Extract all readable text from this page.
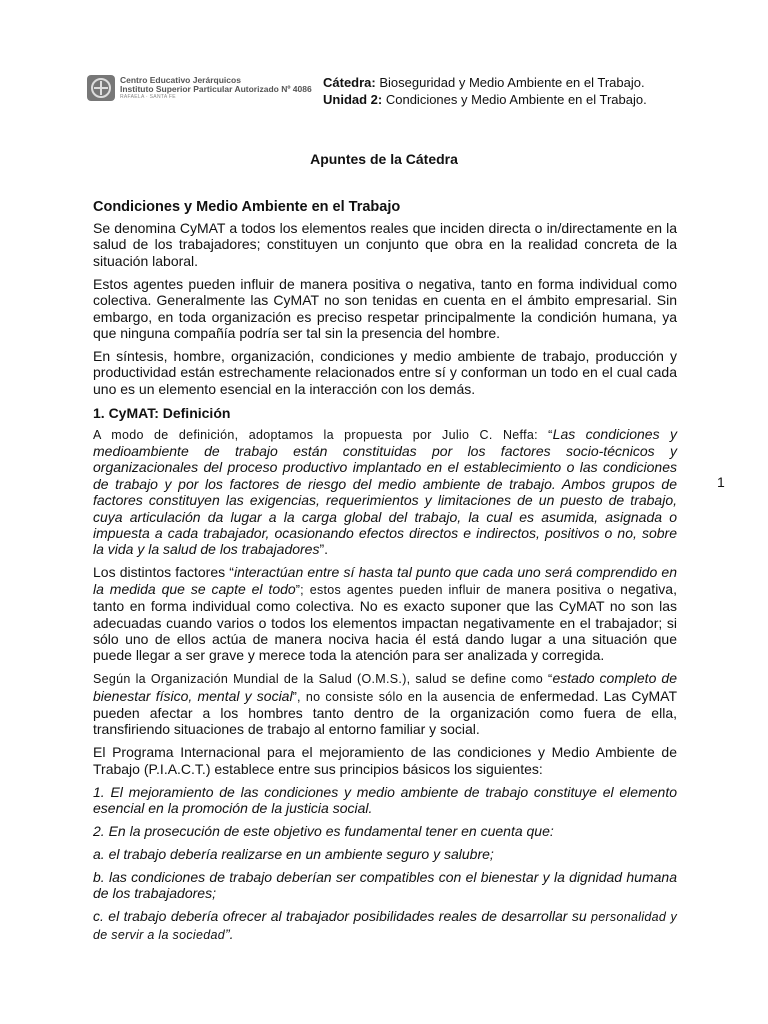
Centro Educativo Jerárquicos
Instituto Superior Particular Autorizado Nº 4086
RAFAELA · SANTA FE
Cátedra: Bioseguridad y Medio Ambiente en el Trabajo.
Unidad 2: Condiciones y Medio Ambiente en el Trabajo.
Apuntes de la Cátedra
Condiciones y Medio Ambiente en el Trabajo

Se denomina CyMAT a todos los elementos reales que inciden directa o in/directamente en la salud de los trabajadores; constituyen un conjunto que obra en la realidad concreta de la situación laboral.

Estos agentes pueden influir de manera positiva o negativa, tanto en forma individual como colectiva. Generalmente las CyMAT no son tenidas en cuenta en el ámbito empresarial. Sin embargo, en toda organización es preciso respetar principalmente la condición humana, ya que ninguna compañía podría ser tal sin la presencia del hombre.

En síntesis, hombre, organización, condiciones y medio ambiente de trabajo, producción y productividad están estrechamente relacionados entre sí y conforman un todo en el cual cada uno es un elemento esencial en la interacción con los demás.

1. CyMAT: Definición

A modo de definición, adoptamos la propuesta por Julio C. Neffa: “Las condiciones y medioambiente de trabajo están constituidas por los factores socio-técnicos y organizacionales del proceso productivo implantado en el establecimiento o las condiciones de trabajo y por los factores de riesgo del medio ambiente de trabajo. Ambos grupos de factores constituyen las exigencias, requerimientos y limitaciones de un puesto de trabajo, cuya articulación da lugar a la carga global del trabajo, la cual es asumida, asignada o impuesta a cada trabajador, ocasionando efectos directos e indirectos, positivos o no, sobre la vida y la salud de los trabajadores”.

Los distintos factores “interactúan entre sí hasta tal punto que cada uno será comprendido en la medida que se capte el todo”; estos agentes pueden influir de manera positiva o negativa, tanto en forma individual como colectiva. No es exacto suponer que las CyMAT no son las adecuadas cuando varios o todos los elementos impactan negativamente en el trabajador; si sólo uno de ellos actúa de manera nociva hacia él está dando lugar a una situación que puede llegar a ser grave y merece toda la atención para ser analizada y corregida.

Según la Organización Mundial de la Salud (O.M.S.), salud se define como “estado completo de bienestar físico, mental y social”, no consiste sólo en la ausencia de enfermedad. Las CyMAT pueden afectar a los hombres tanto dentro de la organización como fuera de ella, transfiriendo situaciones de trabajo al entorno familiar y social.

El Programa Internacional para el mejoramiento de las condiciones y Medio Ambiente de Trabajo (P.I.A.C.T.) establece entre sus principios básicos los siguientes:

1. El mejoramiento de las condiciones y medio ambiente de trabajo constituye el elemento esencial en la promoción de la justicia social.

2. En la prosecución de este objetivo es fundamental tener en cuenta que:

a. el trabajo debería realizarse en un ambiente seguro y salubre;

b. las condiciones de trabajo deberían ser compatibles con el bienestar y la dignidad humana de los trabajadores;

c. el trabajo debería ofrecer al trabajador posibilidades reales de desarrollar su personalidad y de servir a la sociedad”.

1
